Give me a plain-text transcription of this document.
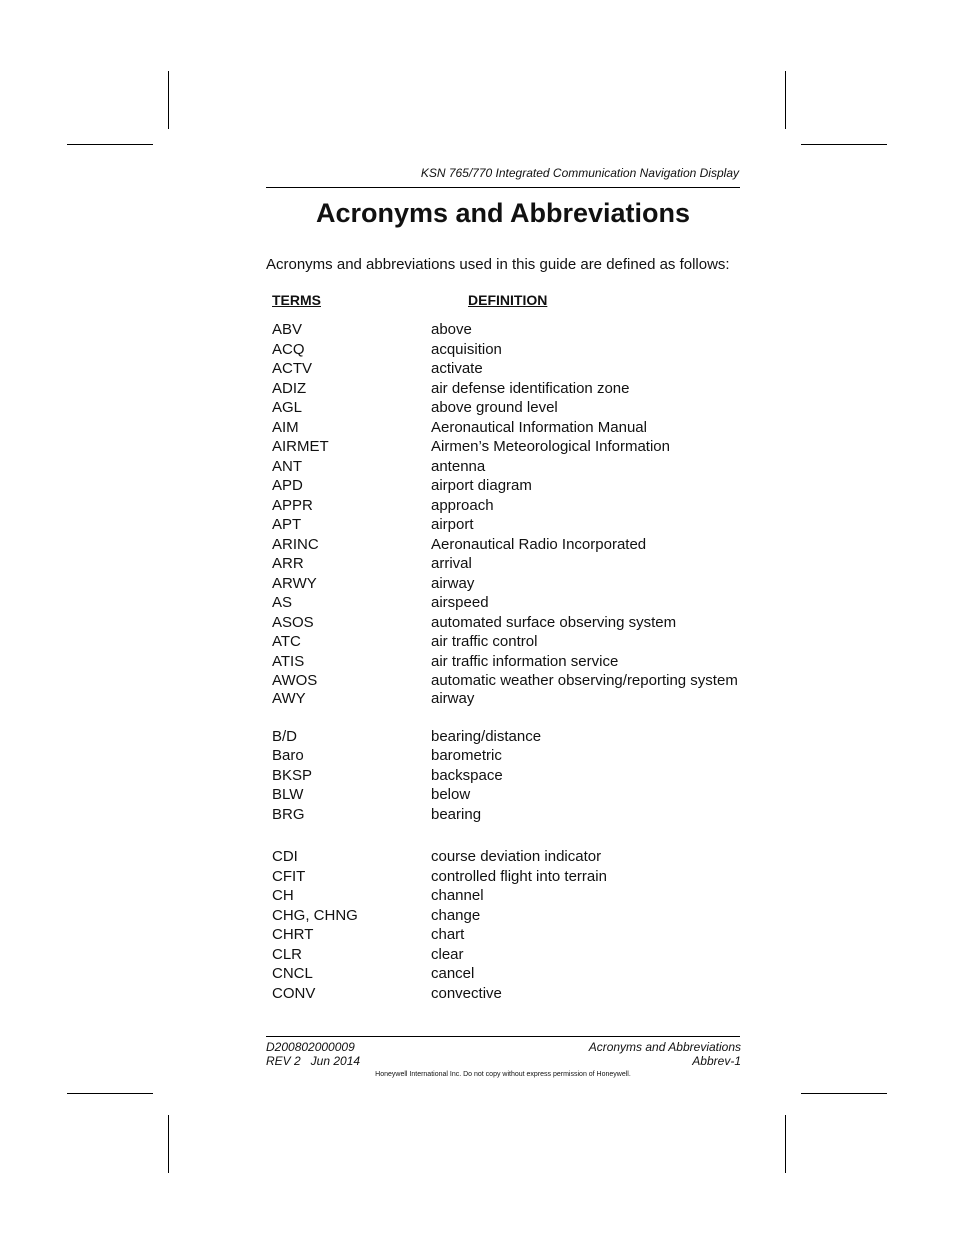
KSN 765/770 Integrated Communication Navigation Display
Acronyms and Abbreviations
Acronyms and abbreviations used in this guide are defined as follows:
TERMS	DEFINITION
ABV	above
ACQ	acquisition
ACTV	activate
ADIZ	air defense identification zone
AGL	above ground level
AIM	Aeronautical Information Manual
AIRMET	Airmen’s Meteorological Information
ANT	antenna
APD	airport diagram
APPR	approach
APT	airport
ARINC	Aeronautical Radio Incorporated
ARR	arrival
ARWY	airway
AS	airspeed
ASOS	automated surface observing system
ATC	air traffic control
ATIS	air traffic information service
AWOS	automatic weather observing/reporting system
AWY	airway
B/D	bearing/distance
Baro	barometric
BKSP	backspace
BLW	below
BRG	bearing
CDI	course deviation indicator
CFIT	controlled flight into terrain
CH	channel
CHG, CHNG	change
CHRT	chart
CLR	clear
CNCL	cancel
CONV	convective
D200802000009
REV 2   Jun 2014
Acronyms and Abbreviations
Abbrev-1
Honeywell International Inc. Do not copy without express permission of Honeywell.
